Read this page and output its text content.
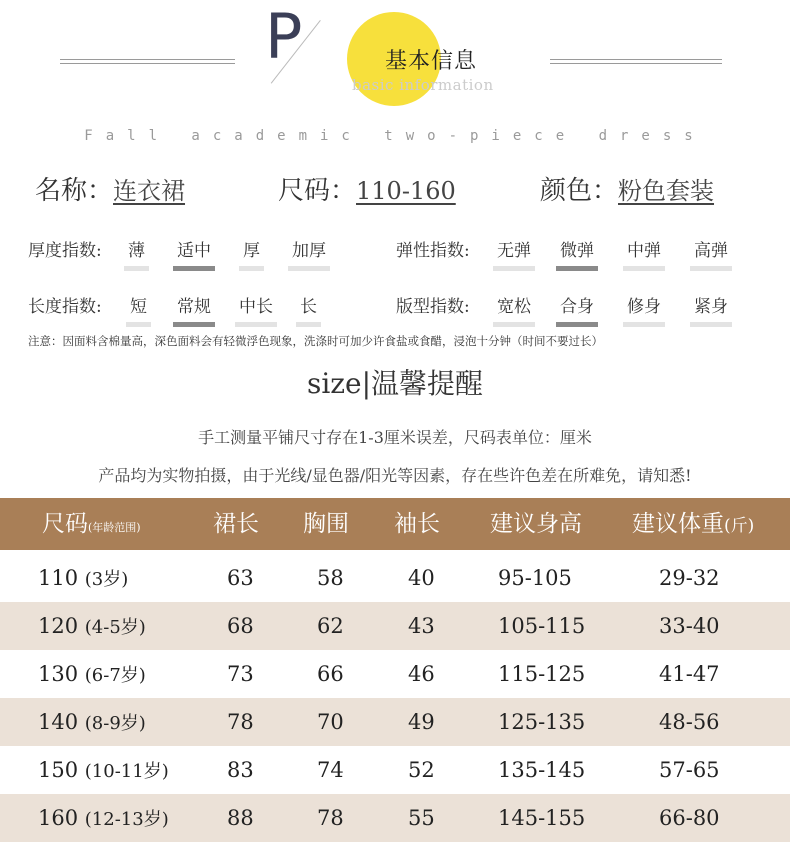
P	基本信息
basic information
Fall academic two-piece dress
名称：连衣裙	尺码：110-160	颜色：粉色套装
厚度指数: 薄 适中 厚 加厚	弹性指数: 无弹 微弹 中弹 高弹
长度指数: 短 常规 中长 长	版型指数: 宽松 合身 修身 紧身
注意：因面料含棉量高，深色面料会有轻微浮色现象，洗涤时可加少许食盐或食醋，浸泡十分钟（时间不要过长）
size|温馨提醒
手工测量平铺尺寸存在1-3厘米误差，尺码表单位：厘米
产品均为实物拍摄，由于光线/显色器/阳光等因素，存在些许色差在所难免，请知悉!
尺码(年龄范围)	裙长 胸围 袖长 建议身高 建议体重(斤)
110 (3岁)	63	58	40	95-105	29-32
120 (4-5岁)	68	62	43	105-115	33-40
130 (6-7岁)	73	66	46	115-125	41-47
140 (8-9岁)	78	70	49	125-135	48-56
150 (10-11岁)	83	74	52	135-145	57-65
160 (12-13岁)	88	78	55	145-155	66-80
